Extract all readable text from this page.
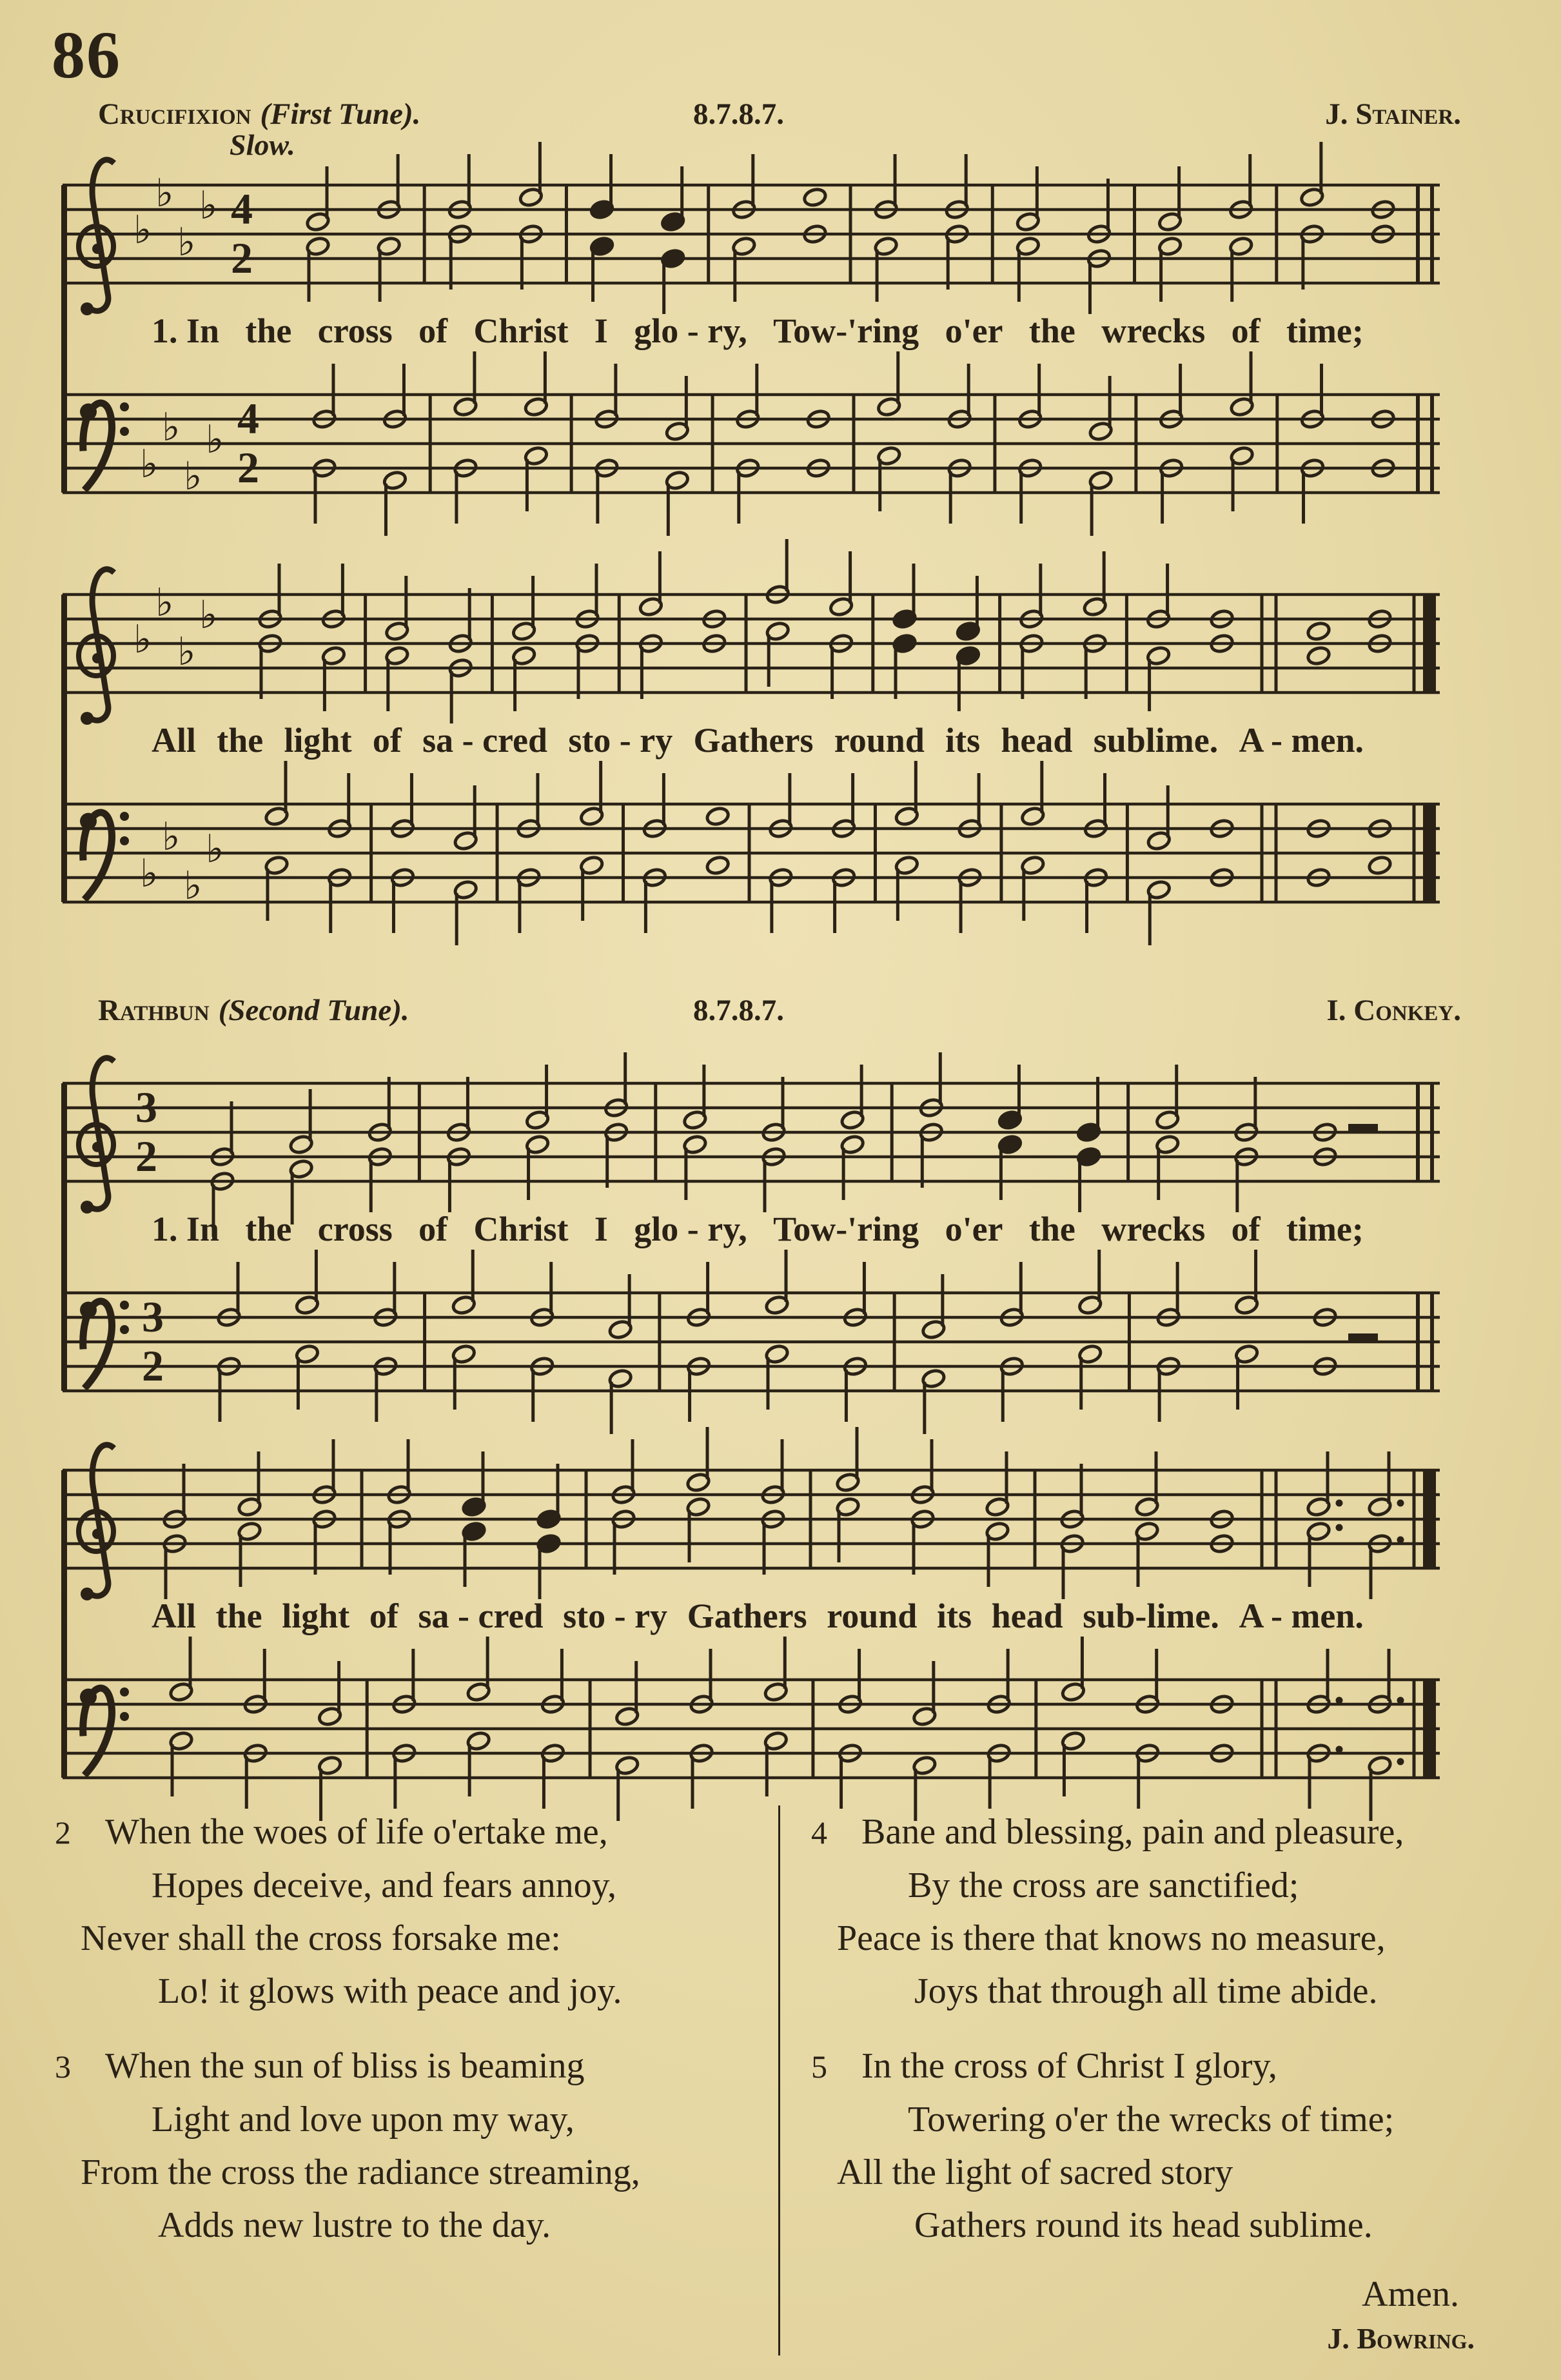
86
Crucifixion (First Tune).	8.7.8.7.	J. Stainer.
Slow.
♭
♭
♭
♭ 4
2
1. In the cross of Christ I glo - ry, Tow-'ring o'er the wrecks of time;
♭
♭
♭
♭ 4
2
♭
♭
♭
♭
All the light of sa - cred sto - ry Gathers round its head sublime. A - men.
♭
♭
♭
♭
Rathbun (Second Tune).	8.7.8.7.	I. Conkey.
3
2
1. In the cross of Christ I glo - ry, Tow-'ring o'er the wrecks of time;
3
2
All the light of sa - cred sto - ry Gathers round its head sub-lime. A - men.
2 When the woes of life o'ertake me,
Hopes deceive, and fears annoy,
Never shall the cross forsake me:
Lo! it glows with peace and joy.
3 When the sun of bliss is beaming
Light and love upon my way,
From the cross the radiance streaming,
Adds new lustre to the day.
4 Bane and blessing, pain and pleasure,
By the cross are sanctified;
Peace is there that knows no measure,
Joys that through all time abide.
5 In the cross of Christ I glory,
Towering o'er the wrecks of time;
All the light of sacred story
Gathers round its head sublime.
Amen.
J. Bowring.
